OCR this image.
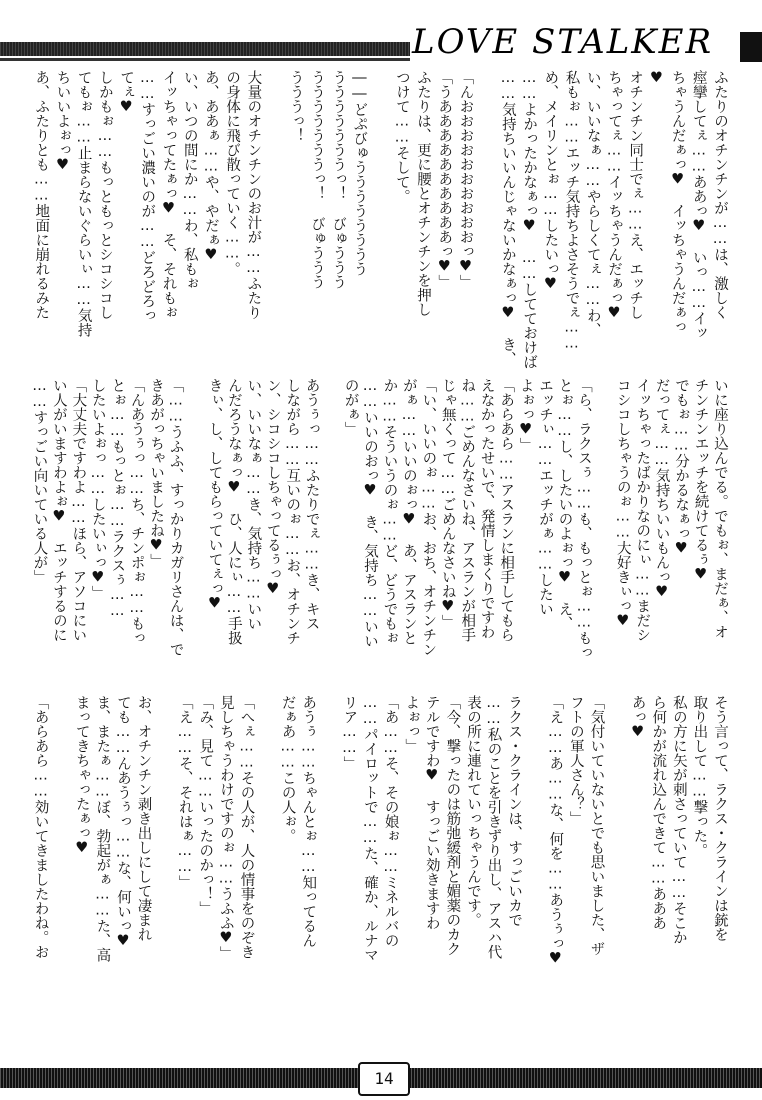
LOVE STALKER
ふたりのオチンチンが……は、激しく
痙攣してぇ……ああっ♥ いっ……イッ
ちゃうんだぁっ♥ イッちゃうんだぁっ
♥
オチンチン同士でぇ……え、エッチし
ちゃってぇ……イッちゃうんだぁっ♥
い、いいなぁ……やらしくてぇ……わ、
私もぉ……エッチ気持ちよさそうでぇ……
め、メイリンとぉ……したいっ♥
……よかったかなぁっ♥ ……してておけば
……気持ちいいんじゃないかなぁっ♥ き、
「んおおおおおおおおおおっ♥」
「うああああああああああっ♥」
ふたりは、更に腰とオチンチンを押し
つけて……そして。
――どぷびゅうううううううう
うううううううっ！ びゅううう
うううううううっ！ びゅううう
うううっ！
大量のオチンチンのお汁が……ふたり
の身体に飛び散っていく……。
あ、ああぁ……や、やだぁ♥
い、いつの間にか……わ、私もぉ
イッちゃってたぁっ♥ そ、それもぉ
……すっごい濃いのが……どろどろっ
てぇ♥
しかもぉ……もっともっとシコシコし
てもぉ……止まらないぐらいぃ……気持
ちいいよぉっ♥
あ、ふたりとも……地面に崩れるみた
いに座り込んでる。でもぉ、まだぁ、オ
チンチンエッチを続けてるぅ♥
でもぉ……分かるなぁっ♥
だってぇ……気持ちいいもんっ♥
イッちゃったばかりなのにぃ……まだシ
コシコしちゃうのぉ……大好きぃっ♥
「ら、ラクスぅ……も、もっとぉ……もっ
とぉ……し、したいのよぉっ♥ え、
エッチぃ……エッチがぁ……したい
よぉっ♥」
「あらあら……アスランに相手してもら
えなかったせいで、発情しまくりですわ
ね……ごめんなさいね、アスランが相手
じゃ無くって……ごめんなさいね♥」
「い、いいのぉ……お、おち、オチンチン
がぁ……いいのぉっ♥ あ、アスランと
か……そういうのぉ……ど、どうでもぉ
……いいのおっ♥ き、気持ち……いい
のがぁ」
あうぅっ……ふたりでぇ……き、キス
しながら……互いのぉ……お、オチンチ
ン、シコシコしちゃってるぅっ♥
い、いいなぁ……き、気持ち……いい
んだろうなぁっ♥ ひ、人にぃ……手扱
きぃ、し、してもらっていてぇっ♥
「……うふふ、すっかりカガリさんは、で
きあがっちゃいましたね♥」
「んあうぅっ……ち、チンポぉ……もっ
とぉ……もっとぉ……ラクスぅ……
したいよぉっ……したいぃっ♥」
「大丈夫ですわよ……ほら、アソコにい
い人がいますわよぉ♥ エッチするのに
……すっごい向いている人が」
そう言って、ラクス・クラインは銃を
取り出して……撃った。
私の方に矢が刺さっていて……そこか
ら何かが流れ込んできて……あああ
あっ♥
「気付いていないとでも思いました、ザ
フトの軍人さん？」
「え……あ……な、何を……あうぅっ♥
ラクス・クラインは、すっごいカで
……私のことを引きずり出し、アスハ代
表の所に連れていっちゃうんです。
「今、撃ったのは筋弛緩剤と媚薬のカク
テルですわ♥ すっごい効きますわ
よぉっ」
「あ……そ、その娘ぉ……ミネルバの
……パイロットで……た、確か、ルナマ
リア……」
あうぅ……ちゃんとぉ……知ってるん
だぁあ……この人ぉ。
「へぇ……その人が、人の情事をのぞき
見しちゃうわけですのぉ……うふふ♥」
「み、見て……いったのかっ！」
「え……そ、それはぁ……」
お、オチンチン剥き出しにして凄まれ
ても……んあうぅっ……な、何いっ♥
ま、またぁ……ぼ、勃起がぁ……た、高
まってきちゃったぁっ♥
「あらあら……効いてきましたわね。お
14
